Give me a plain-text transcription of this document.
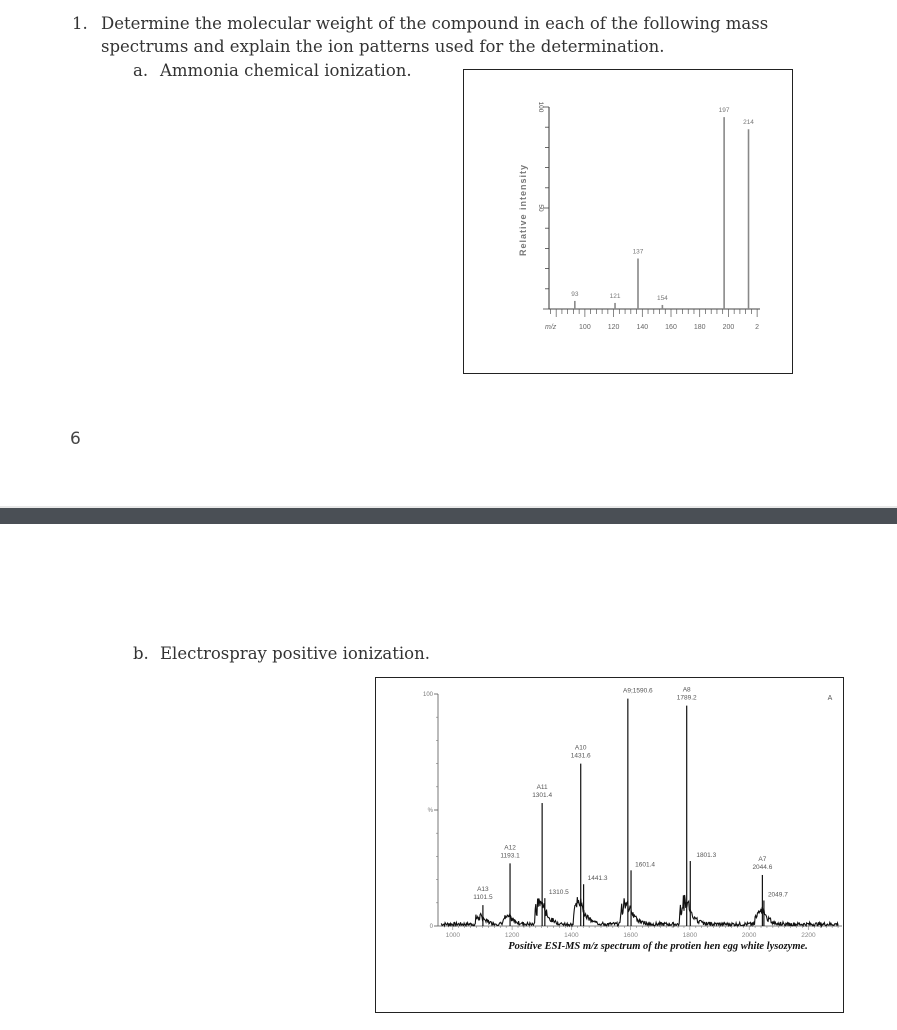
1. Determine the molecular weight of the compound in each of the following mass
spectrums and explain the ion patterns used for the determination.
a. Ammonia chemical ionization.
100
50
Relative intensity
m/z	100 120 140 160 180 200	2
93	121
137
154
197
214
6
b. Electrospray positive ionization.
100
%
0
1000	1200	1400	1600	1800	2000	2200
A13
1101.5
A12
1193.1
A11
1301.4
1310.5
A10
1431.6
1441.3
A9;1590.6
1601.4
A8
1789.2
1801.3
A7
2044.6
2049.7
A
Positive ESI-MS m/z spectrum of the protien hen egg white lysozyme.
